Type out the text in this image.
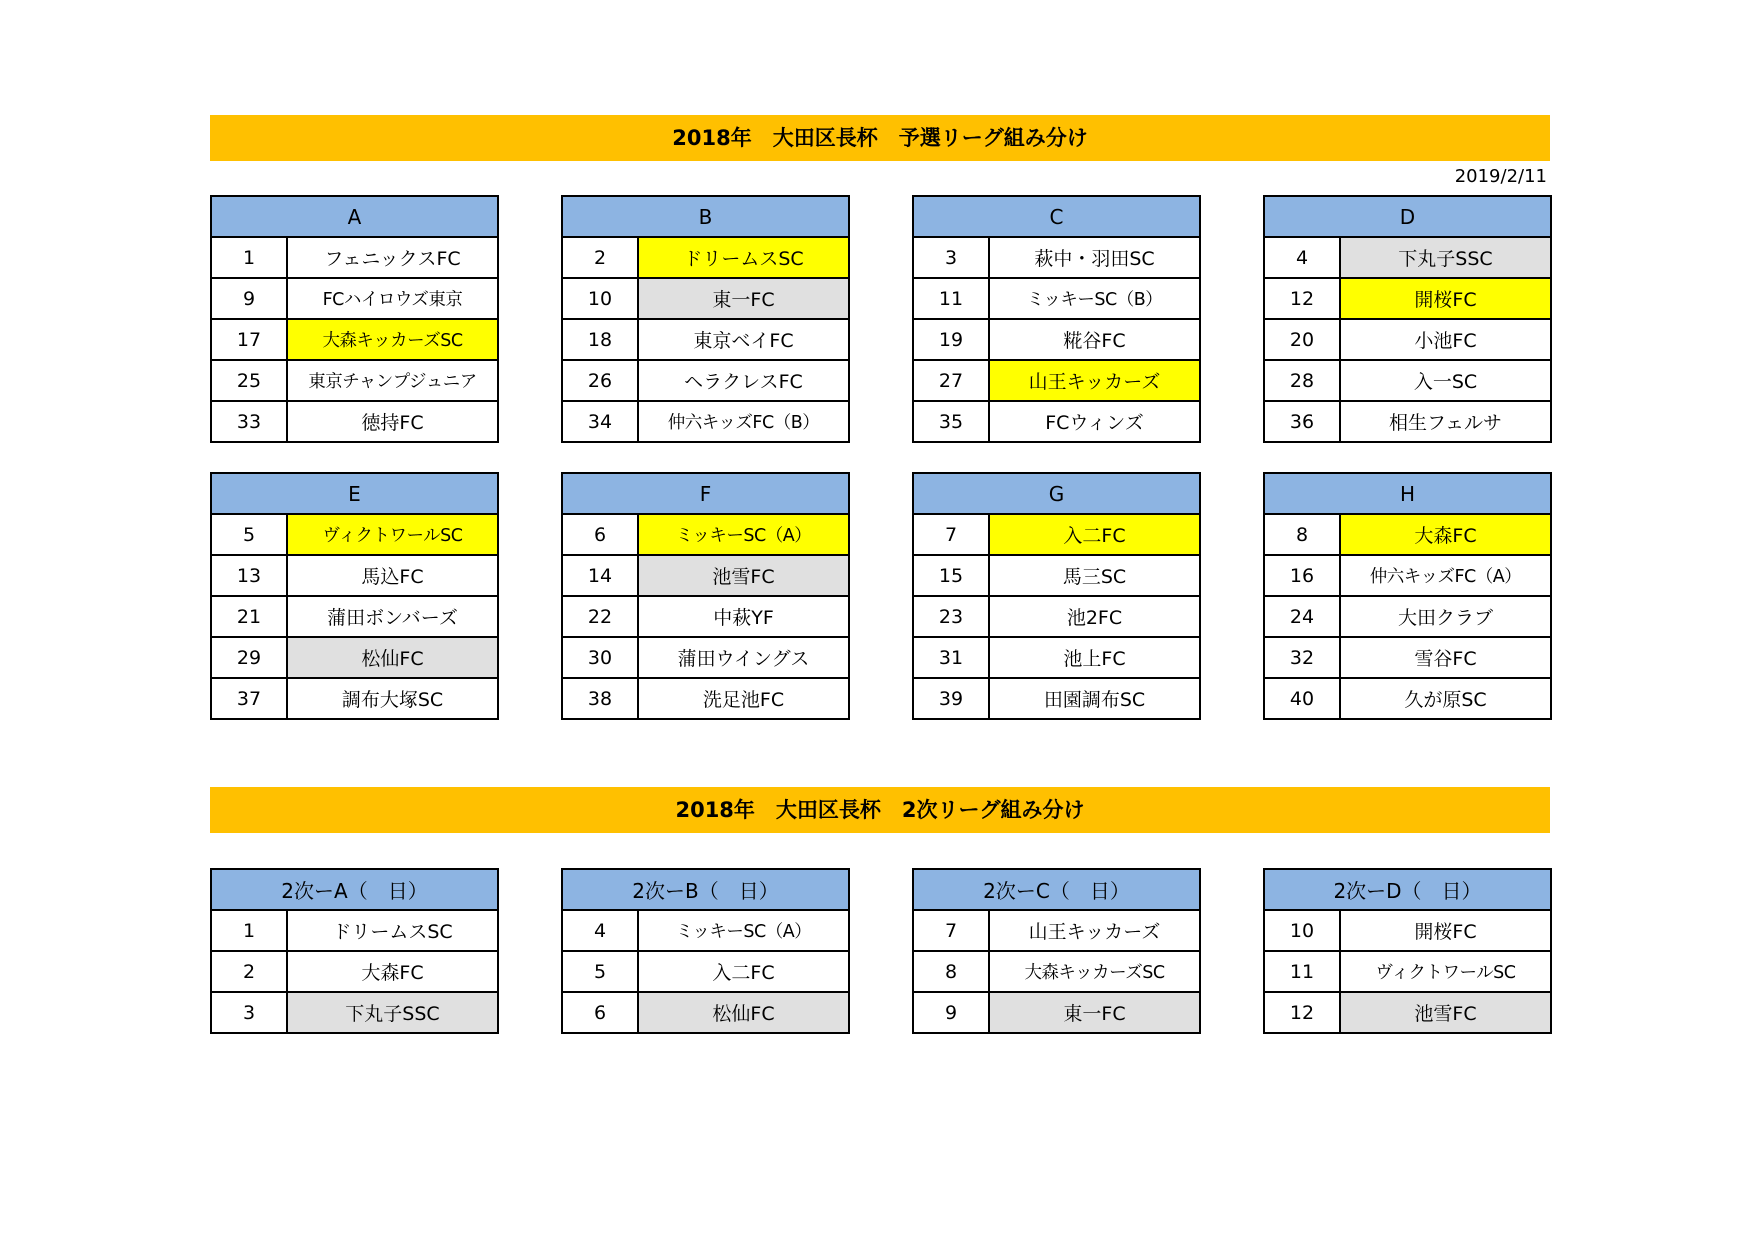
2018年　大田区長杯　予選リーグ組み分け
2019/2/11
2018年　大田区長杯　2次リーグ組み分け
A	
1	フェニックスFC
9	FCハイロウズ東京
17	大森キッカーズSC
25	東京チャンプジュニア
33	徳持FC
B	
2	ドリームスSC
10	東一FC
18	東京ベイFC
26	ヘラクレスFC
34	仲六キッズFC（B）
C	
3	萩中・羽田SC
11	ミッキーSC（B）
19	糀谷FC
27	山王キッカーズ
35	FCウィンズ
D	
4	下丸子SSC
12	開桜FC
20	小池FC
28	入一SC
36	相生フェルサ
E	
5	ヴィクトワールSC
13	馬込FC
21	蒲田ボンバーズ
29	松仙FC
37	調布大塚SC
F	
6	ミッキーSC（A）
14	池雪FC
22	中萩YF
30	蒲田ウイングス
38	洗足池FC
G	
7	入二FC
15	馬三SC
23	池2FC
31	池上FC
39	田園調布SC
H	
8	大森FC
16	仲六キッズFC（A）
24	大田クラブ
32	雪谷FC
40	久が原SC
2次ーA（　日）	
1	ドリームスSC
2	大森FC
3	下丸子SSC
2次ーB（　日）	
4	ミッキーSC（A）
5	入二FC
6	松仙FC
2次ーC（　日）	
7	山王キッカーズ
8	大森キッカーズSC
9	東一FC
2次ーD（　日）	
10	開桜FC
11	ヴィクトワールSC
12	池雪FC
